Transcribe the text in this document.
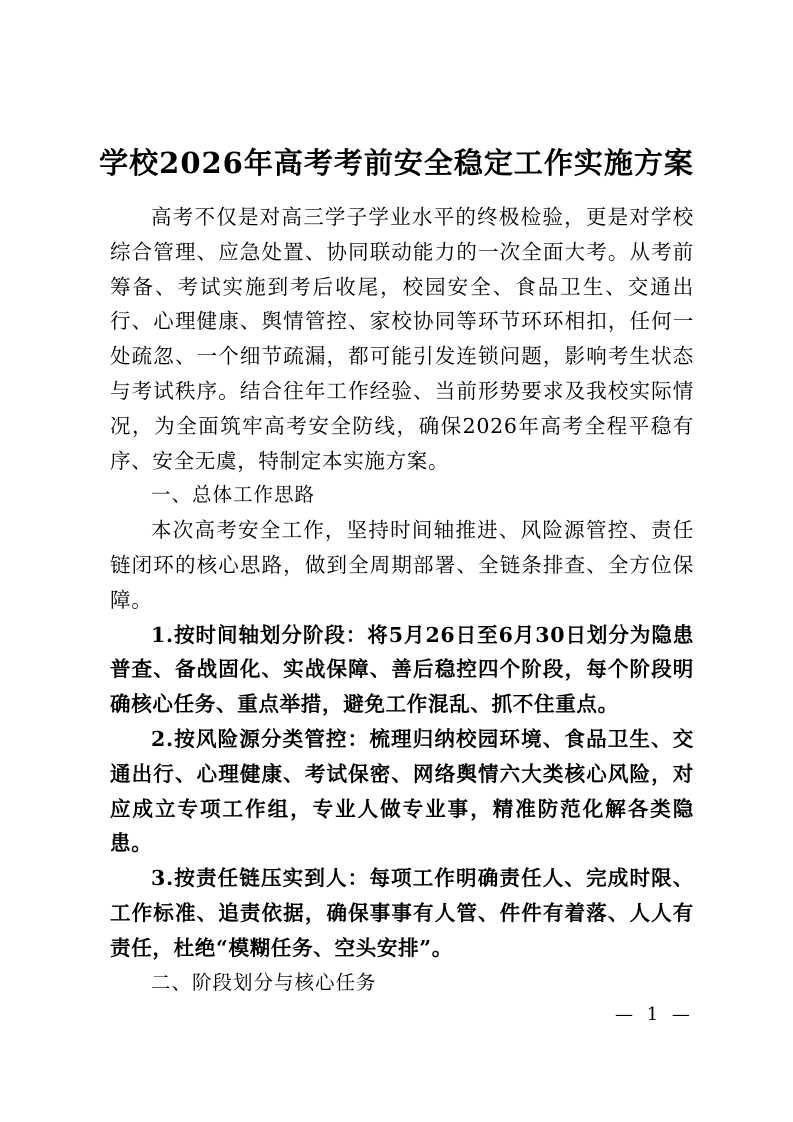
学校2026年高考考前安全稳定工作实施方案

高考不仅是对高三学子学业水平的终极检验，更是对学校综合管理、应急处置、协同联动能力的一次全面大考。从考前筹备、考试实施到考后收尾，校园安全、食品卫生、交通出行、心理健康、舆情管控、家校协同等环节环环相扣，任何一处疏忽、一个细节疏漏，都可能引发连锁问题，影响考生状态与考试秩序。结合往年工作经验、当前形势要求及我校实际情况，为全面筑牢高考安全防线，确保2026年高考全程平稳有序、安全无虞，特制定本实施方案。

一、总体工作思路

本次高考安全工作，坚持时间轴推进、风险源管控、责任链闭环的核心思路，做到全周期部署、全链条排查、全方位保障。

1.按时间轴划分阶段：将5月26日至6月30日划分为隐患普查、备战固化、实战保障、善后稳控四个阶段，每个阶段明确核心任务、重点举措，避免工作混乱、抓不住重点。

2.按风险源分类管控：梳理归纳校园环境、食品卫生、交通出行、心理健康、考试保密、网络舆情六大类核心风险，对应成立专项工作组，专业人做专业事，精准防范化解各类隐患。

3.按责任链压实到人：每项工作明确责任人、完成时限、工作标准、追责依据，确保事事有人管、件件有着落、人人有责任，杜绝“模糊任务、空头安排”。

二、阶段划分与核心任务

— 1 —
